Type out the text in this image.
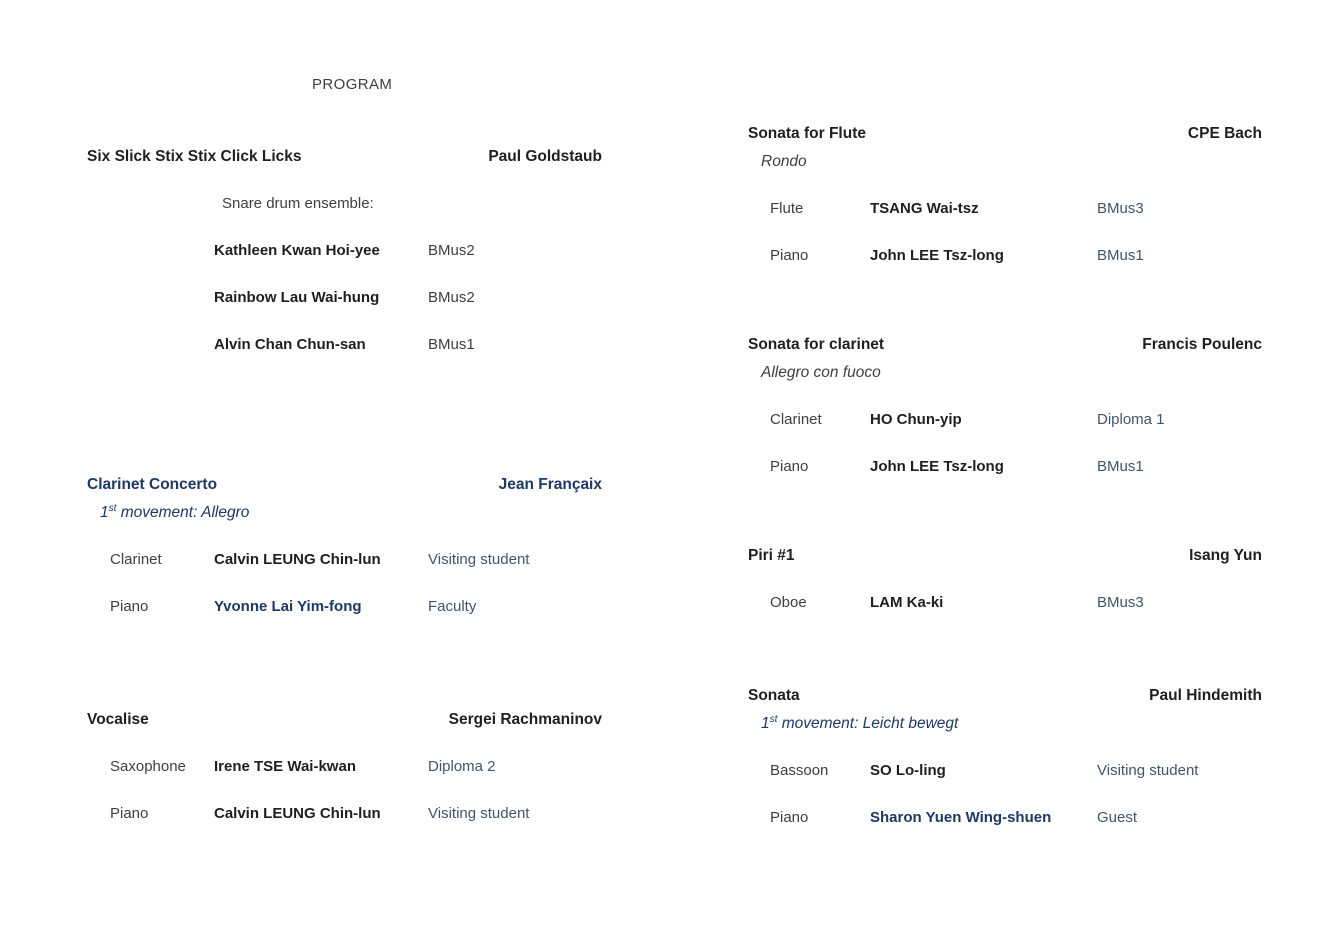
PROGRAM
Six Slick Stix Stix Click Licks	Paul Goldstaub
Snare drum ensemble:
Kathleen Kwan Hoi-yee	BMus2
Rainbow Lau Wai-hung	BMus2
Alvin Chan Chun-san	BMus1
Clarinet Concerto	Jean Françaix
1st movement: Allegro
Clarinet	Calvin LEUNG Chin-lun	Visiting student
Piano	Yvonne Lai Yim-fong	Faculty
Vocalise	Sergei Rachmaninov
Saxophone	Irene TSE Wai-kwan	Diploma 2
Piano	Calvin LEUNG Chin-lun	Visiting student
Sonata for Flute	CPE Bach
Rondo
Flute	TSANG Wai-tsz	BMus3
Piano	John LEE Tsz-long	BMus1
Sonata for clarinet	Francis Poulenc
Allegro con fuoco
Clarinet	HO Chun-yip	Diploma 1
Piano	John LEE Tsz-long	BMus1
Piri #1	Isang Yun
Oboe	LAM Ka-ki	BMus3
Sonata	Paul Hindemith
1st movement: Leicht bewegt
Bassoon	SO Lo-ling	Visiting student
Piano	Sharon Yuen Wing-shuen	Guest
